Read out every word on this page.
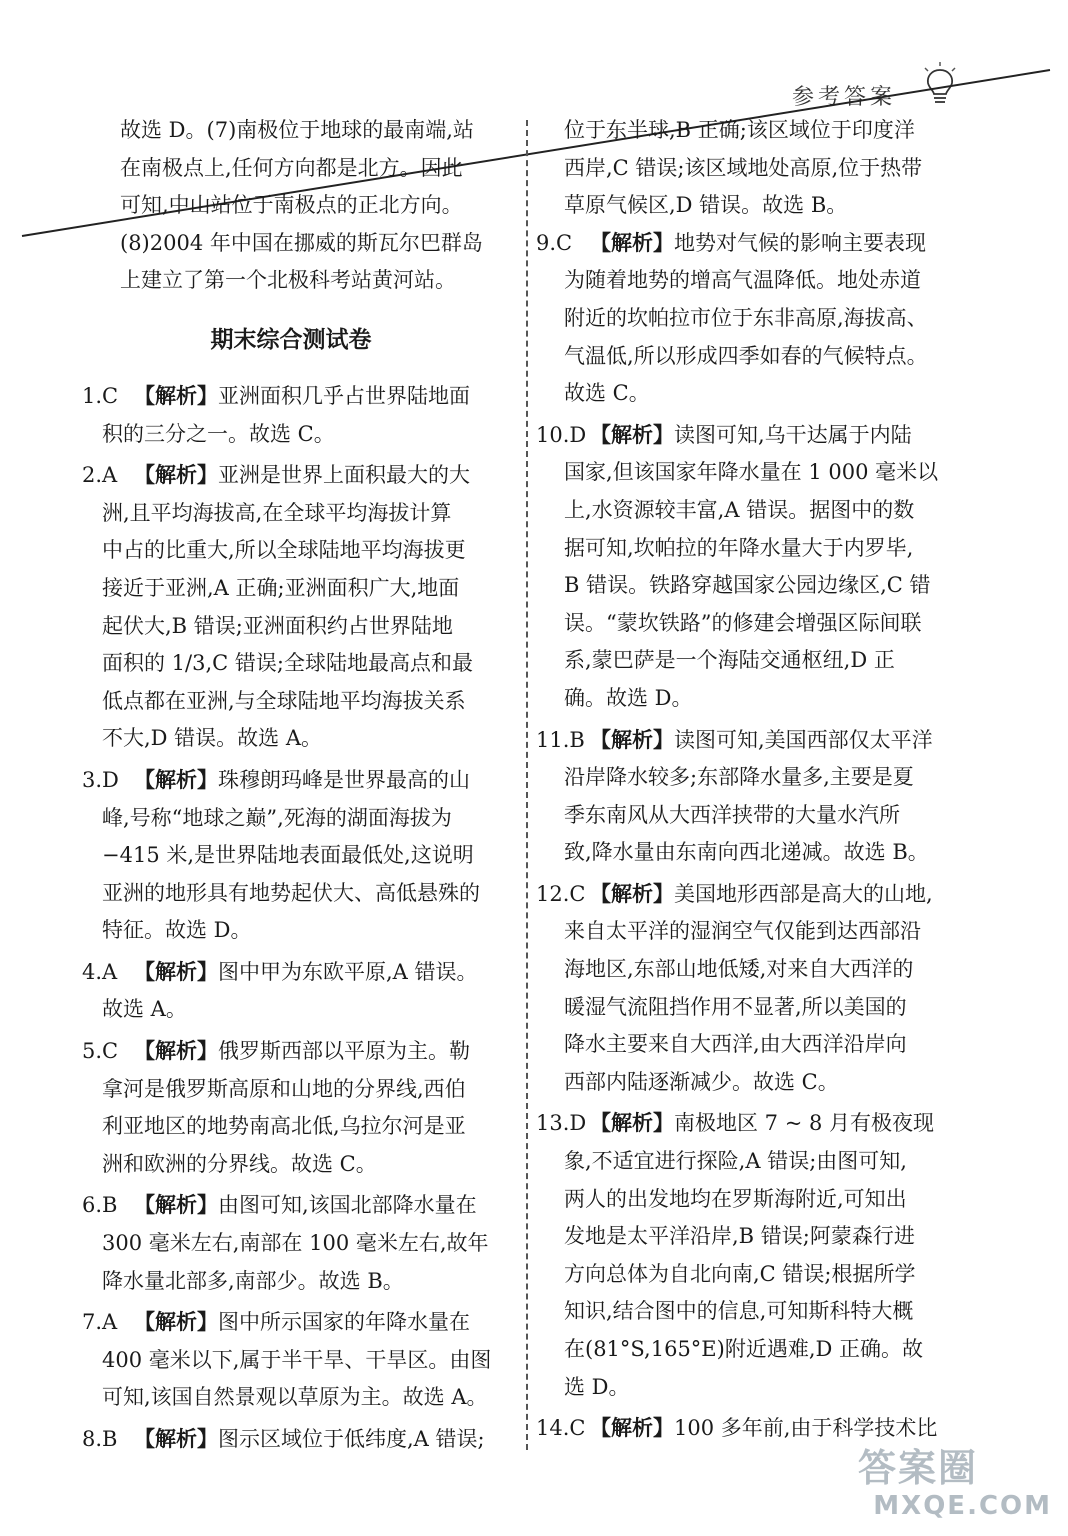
参考答案
故选 D。(7)南极位于地球的最南端,站
在南极点上,任何方向都是北方。因此
可知,中山站位于南极点的正北方向。
(8)2004 年中国在挪威的斯瓦尔巴群岛
上建立了第一个北极科考站黄河站。
期末综合测试卷
1.C 【解析】 亚洲面积几乎占世界陆地面
积的三分之一。故选 C。
2.A 【解析】 亚洲是世界上面积最大的大
洲,且平均海拔高,在全球平均海拔计算
中占的比重大,所以全球陆地平均海拔更
接近于亚洲,A 正确;亚洲面积广大,地面
起伏大,B 错误;亚洲面积约占世界陆地
面积的 1/3,C 错误;全球陆地最高点和最
低点都在亚洲,与全球陆地平均海拔关系
不大,D 错误。故选 A。
3.D 【解析】 珠穆朗玛峰是世界最高的山
峰,号称“地球之巅”,死海的湖面海拔为
−415 米,是世界陆地表面最低处,这说明
亚洲的地形具有地势起伏大、高低悬殊的
特征。故选 D。
4.A 【解析】 图中甲为东欧平原,A 错误。
故选 A。
5.C 【解析】 俄罗斯西部以平原为主。勒
拿河是俄罗斯高原和山地的分界线,西伯
利亚地区的地势南高北低,乌拉尔河是亚
洲和欧洲的分界线。故选 C。
6.B 【解析】 由图可知,该国北部降水量在
300 毫米左右,南部在 100 毫米左右,故年
降水量北部多,南部少。故选 B。
7.A 【解析】 图中所示国家的年降水量在
400 毫米以下,属于半干旱、干旱区。由图
可知,该国自然景观以草原为主。故选 A。
8.B 【解析】 图示区域位于低纬度,A 错误;
位于东半球,B 正确;该区域位于印度洋
西岸,C 错误;该区域地处高原,位于热带
草原气候区,D 错误。故选 B。
9.C 【解析】 地势对气候的影响主要表现
为随着地势的增高气温降低。地处赤道
附近的坎帕拉市位于东非高原,海拔高、
气温低,所以形成四季如春的气候特点。
故选 C。
10.D 【解析】 读图可知,乌干达属于内陆
国家,但该国家年降水量在 1 000 毫米以
上,水资源较丰富,A 错误。据图中的数
据可知,坎帕拉的年降水量大于内罗毕,
B 错误。铁路穿越国家公园边缘区,C 错
误。“蒙坎铁路”的修建会增强区际间联
系,蒙巴萨是一个海陆交通枢纽,D 正
确。故选 D。
11.B 【解析】 读图可知,美国西部仅太平洋
沿岸降水较多;东部降水量多,主要是夏
季东南风从大西洋挟带的大量水汽所
致,降水量由东南向西北递减。故选 B。
12.C 【解析】 美国地形西部是高大的山地,
来自太平洋的湿润空气仅能到达西部沿
海地区,东部山地低矮,对来自大西洋的
暖湿气流阻挡作用不显著,所以美国的
降水主要来自大西洋,由大西洋沿岸向
西部内陆逐渐减少。故选 C。
13.D 【解析】 南极地区 7 ~ 8 月有极夜现
象,不适宜进行探险,A 错误;由图可知,
两人的出发地均在罗斯海附近,可知出
发地是太平洋沿岸,B 错误;阿蒙森行进
方向总体为自北向南,C 错误;根据所学
知识,结合图中的信息,可知斯科特大概
在(81°S,165°E)附近遇难,D 正确。故
选 D。
14.C 【解析】 100 多年前,由于科学技术比
答案圈
MXQE.COM
